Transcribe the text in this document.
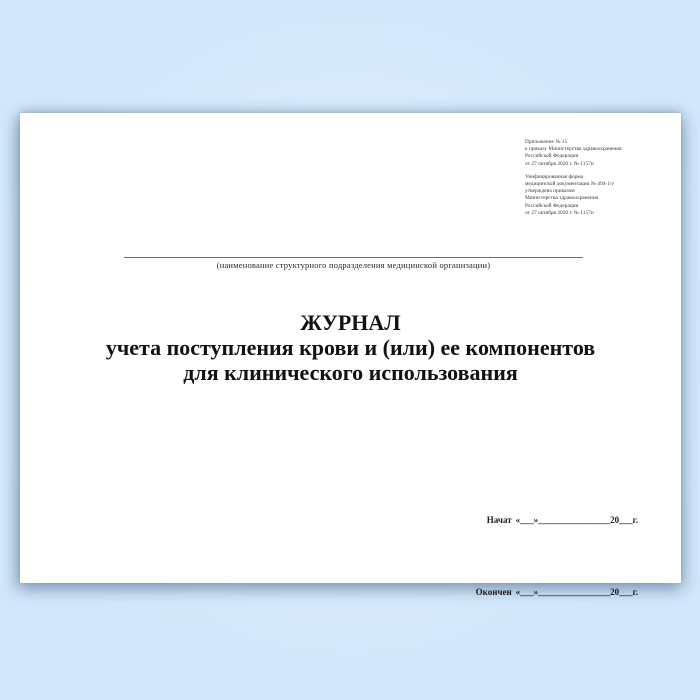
Приложение № 15
к приказу Министерства здравоохранения
Российской Федерации
от 27 октября 2020 г. № 1157н

Унифицированная форма
медицинской документации № 494-1/у
утверждена приказом
Министерства здравоохранения
Российской Федерации
от 27 октября 2020 г. № 1157н

(наименование структурного подразделения медицинской организации)
ЖУРНАЛ
учета поступления крови и (или) ее компонентов
для клинического использования

Начат «___»________________20___г.

Окончен «___»________________20___г.
